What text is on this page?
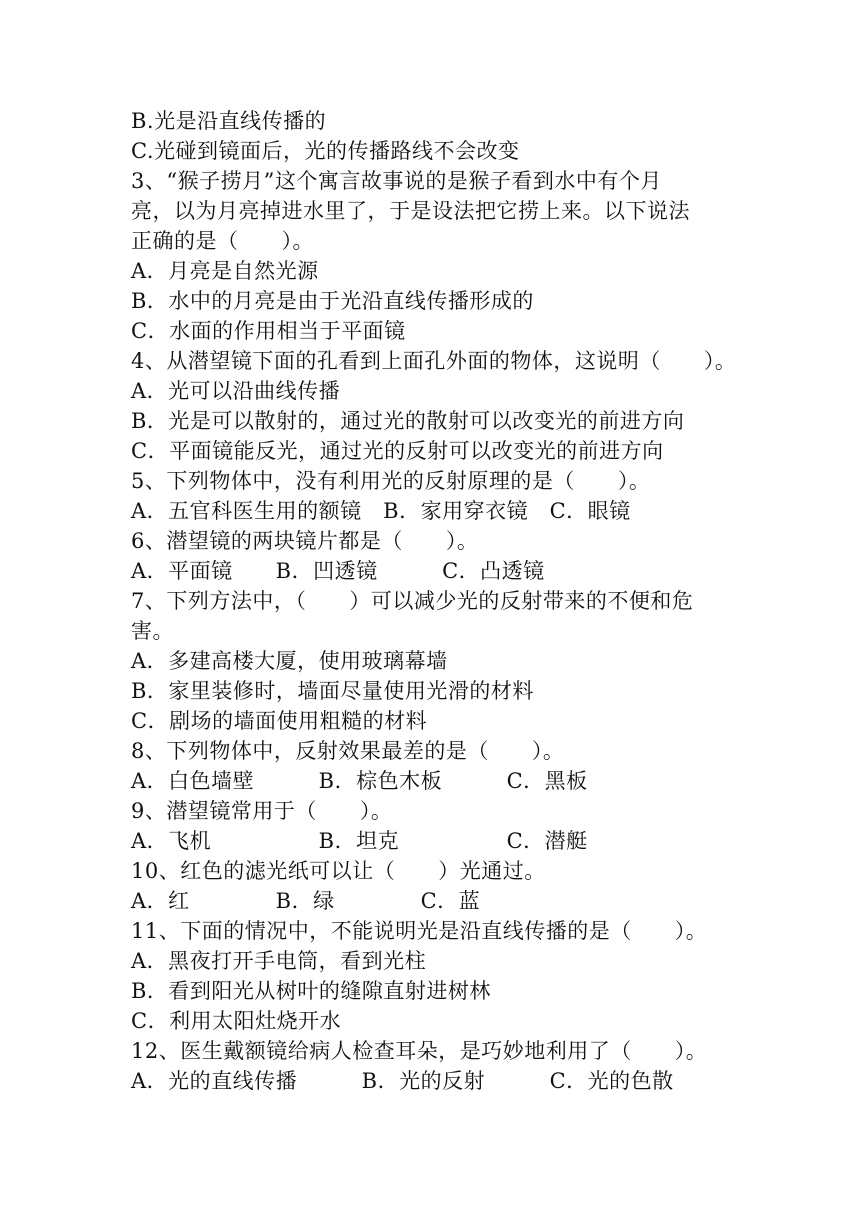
B.光是沿直线传播的
C.光碰到镜面后，光的传播路线不会改变
3、“猴子捞月”这个寓言故事说的是猴子看到水中有个月
亮，以为月亮掉进水里了，于是设法把它捞上来。以下说法
正确的是（　　）。
A．月亮是自然光源
B．水中的月亮是由于光沿直线传播形成的
C．水面的作用相当于平面镜
4、从潜望镜下面的孔看到上面孔外面的物体，这说明（　　）。
A．光可以沿曲线传播
B．光是可以散射的，通过光的散射可以改变光的前进方向
C．平面镜能反光，通过光的反射可以改变光的前进方向
5、下列物体中，没有利用光的反射原理的是（　　）。
A．五官科医生用的额镜　B．家用穿衣镜　C．眼镜
6、潜望镜的两块镜片都是（　　）。
A．平面镜　　B．凹透镜　　　C．凸透镜
7、下列方法中，（　　）可以减少光的反射带来的不便和危
害。
A．多建高楼大厦，使用玻璃幕墙
B．家里装修时，墙面尽量使用光滑的材料
C．剧场的墙面使用粗糙的材料
8、下列物体中，反射效果最差的是（　　）。
A．白色墙壁　　　B．棕色木板　　　C．黑板
9、潜望镜常用于（　　）。
A．飞机　　　　　B．坦克　　　　　C．潜艇
10、红色的滤光纸可以让（　　）光通过。
A．红　　　　B．绿　　　　C．蓝
11、下面的情况中，不能说明光是沿直线传播的是（　　）。
A．黑夜打开手电筒，看到光柱
B．看到阳光从树叶的缝隙直射进树林
C．利用太阳灶烧开水
12、医生戴额镜给病人检查耳朵，是巧妙地利用了（　　）。
A．光的直线传播　　　B．光的反射　　　C．光的色散
